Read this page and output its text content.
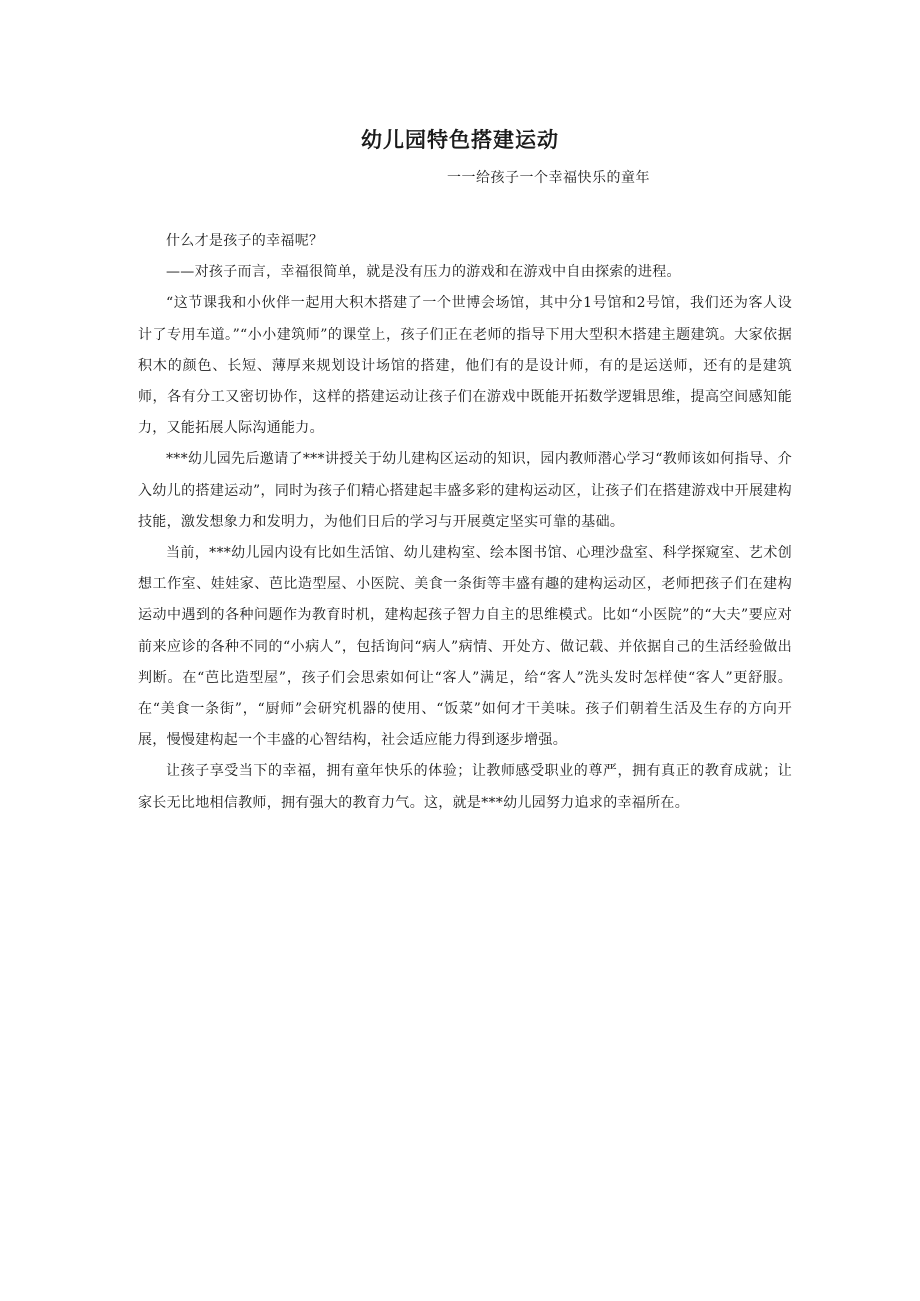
幼儿园特色搭建运动
一一给孩子一个幸福快乐的童年

什么才是孩子的幸福呢？

——对孩子而言，幸福很简单，就是没有压力的游戏和在游戏中自由探索的进程。

“这节课我和小伙伴一起用大积木搭建了一个世博会场馆，其中分1号馆和2号馆，我们还为客人设计了专用车道。”“小小建筑师”的课堂上，孩子们正在老师的指导下用大型积木搭建主题建筑。大家依据积木的颜色、长短、薄厚来规划设计场馆的搭建，他们有的是设计师，有的是运送师，还有的是建筑师，各有分工又密切协作，这样的搭建运动让孩子们在游戏中既能开拓数学逻辑思维，提高空间感知能力，又能拓展人际沟通能力。

***幼儿园先后邀请了***讲授关于幼儿建构区运动的知识，园内教师潜心学习“教师该如何指导、介入幼儿的搭建运动”，同时为孩子们精心搭建起丰盛多彩的建构运动区，让孩子们在搭建游戏中开展建构技能，激发想象力和发明力，为他们日后的学习与开展奠定坚实可靠的基础。

当前，***幼儿园内设有比如生活馆、幼儿建构室、绘本图书馆、心理沙盘室、科学探窥室、艺术创想工作室、娃娃家、芭比造型屋、小医院、美食一条街等丰盛有趣的建构运动区，老师把孩子们在建构运动中遇到的各种问题作为教育时机，建构起孩子智力自主的思维模式。比如“小医院”的“大夫”要应对前来应诊的各种不同的“小病人”，包括询问“病人”病情、开处方、做记载、并依据自己的生活经验做出判断。在“芭比造型屋”，孩子们会思索如何让“客人”满足，给“客人”洗头发时怎样使“客人”更舒服。在“美食一条街”，“厨师”会研究机器的使用、“饭菜”如何才干美味。孩子们朝着生活及生存的方向开展，慢慢建构起一个丰盛的心智结构，社会适应能力得到逐步增强。

让孩子享受当下的幸福，拥有童年快乐的体验；让教师感受职业的尊严，拥有真正的教育成就；让家长无比地相信教师，拥有强大的教育力气。这，就是***幼儿园努力追求的幸福所在。
